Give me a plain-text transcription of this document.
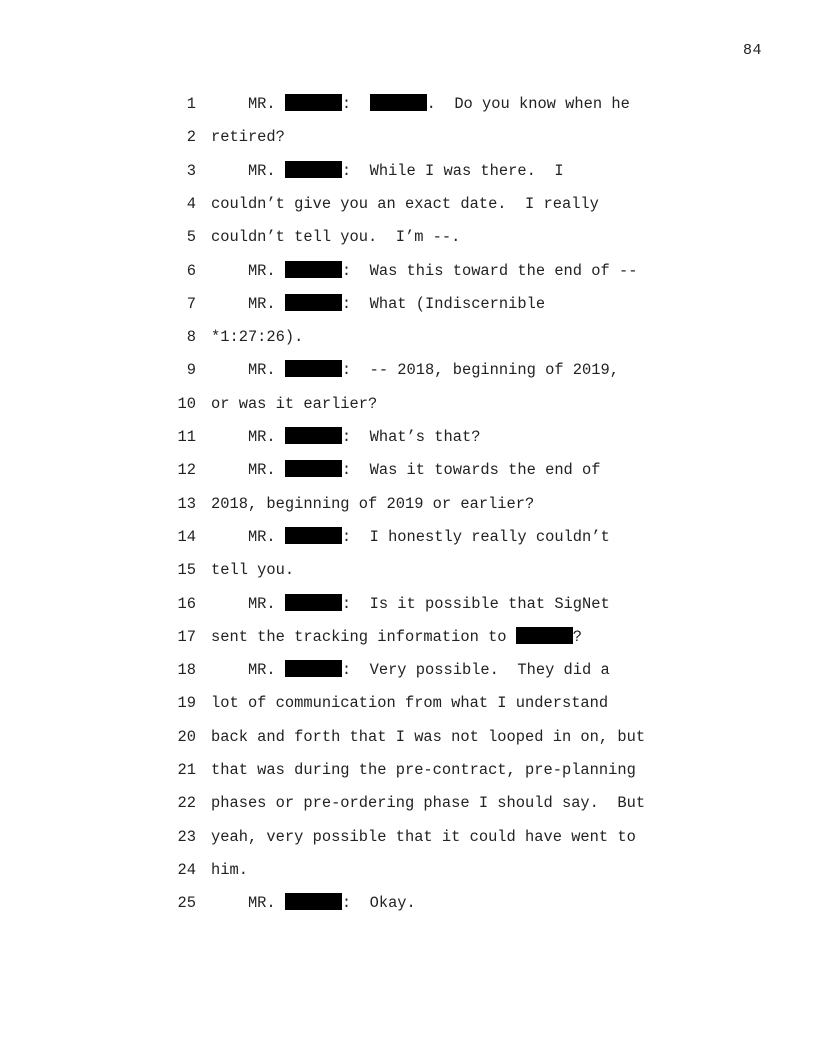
84
1 MR.	:	.  Do you know when he
2 retired?
3 MR.	:  While I was there.  I
4 couldn’t give you an exact date.  I really
5 couldn’t tell you.  I’m --.
6 MR.	:  Was this toward the end of --
7 MR.	:  What (Indiscernible
8 *1:27:26).
9 MR.	:  -- 2018, beginning of 2019,
10 or was it earlier?
11 MR.	:  What’s that?
12 MR.	:  Was it towards the end of
13 2018, beginning of 2019 or earlier?
14 MR.	:  I honestly really couldn’t
15 tell you.
16 MR.	:  Is it possible that SigNet
17 sent the tracking information to	?
18 MR.	:  Very possible.  They did a
19 lot of communication from what I understand
20 back and forth that I was not looped in on, but
21 that was during the pre-contract, pre-planning
22 phases or pre-ordering phase I should say.  But
23 yeah, very possible that it could have went to
24 him.
25 MR.	:  Okay.
